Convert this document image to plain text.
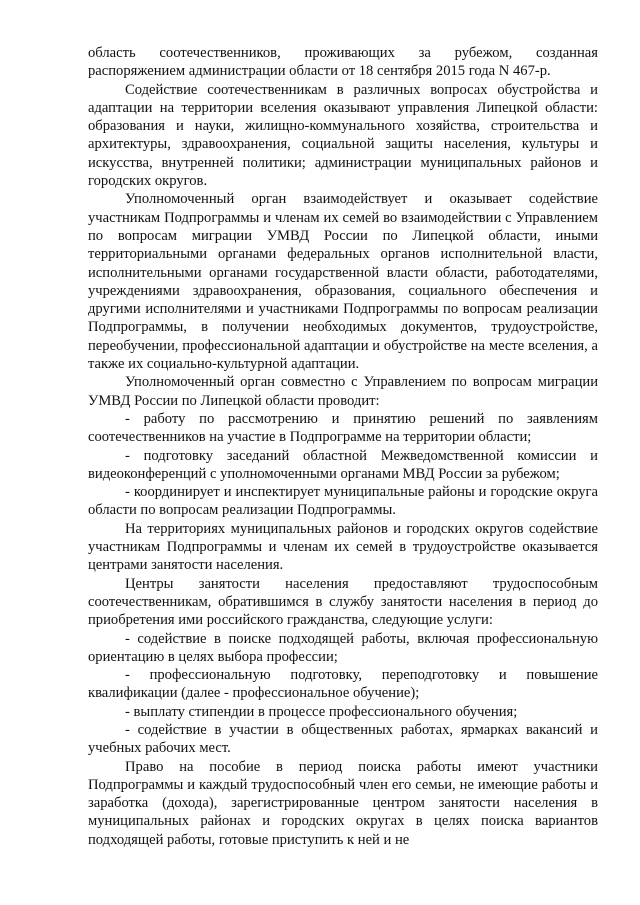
область соотечественников, проживающих за рубежом, созданная распоряжением администрации области от 18 сентября 2015 года N 467-р.

Содействие соотечественникам в различных вопросах обустройства и адаптации на территории вселения оказывают управления Липецкой области: образования и науки, жилищно-коммунального хозяйства, строительства и архитектуры, здравоохранения, социальной защиты населения, культуры и искусства, внутренней политики; администрации муниципальных районов и городских округов.

Уполномоченный орган взаимодействует и оказывает содействие участникам Подпрограммы и членам их семей во взаимодействии с Управлением по вопросам миграции УМВД России по Липецкой области, иными территориальными органами федеральных органов исполнительной власти, исполнительными органами государственной власти области, работодателями, учреждениями здравоохранения, образования, социального обеспечения и другими исполнителями и участниками Подпрограммы по вопросам реализации Подпрограммы, в получении необходимых документов, трудоустройстве, переобучении, профессиональной адаптации и обустройстве на месте вселения, а также их социально-культурной адаптации.

Уполномоченный орган совместно с Управлением по вопросам миграции УМВД России по Липецкой области проводит:

- работу по рассмотрению и принятию решений по заявлениям соотечественников на участие в Подпрограмме на территории области;

- подготовку заседаний областной Межведомственной комиссии и видеоконференций с уполномоченными органами МВД России за рубежом;

- координирует и инспектирует муниципальные районы и городские округа области по вопросам реализации Подпрограммы.

На территориях муниципальных районов и городских округов содействие участникам Подпрограммы и членам их семей в трудоустройстве оказывается центрами занятости населения.

Центры занятости населения предоставляют трудоспособным соотечественникам, обратившимся в службу занятости населения в период до приобретения ими российского гражданства, следующие услуги:

- содействие в поиске подходящей работы, включая профессиональную ориентацию в целях выбора профессии;

- профессиональную подготовку, переподготовку и повышение квалификации (далее - профессиональное обучение);

- выплату стипендии в процессе профессионального обучения;

- содействие в участии в общественных работах, ярмарках вакансий и учебных рабочих мест.

Право на пособие в период поиска работы имеют участники Подпрограммы и каждый трудоспособный член его семьи, не имеющие работы и заработка (дохода), зарегистрированные центром занятости населения в муниципальных районах и городских округах в целях поиска вариантов подходящей работы, готовые приступить к ней и не
